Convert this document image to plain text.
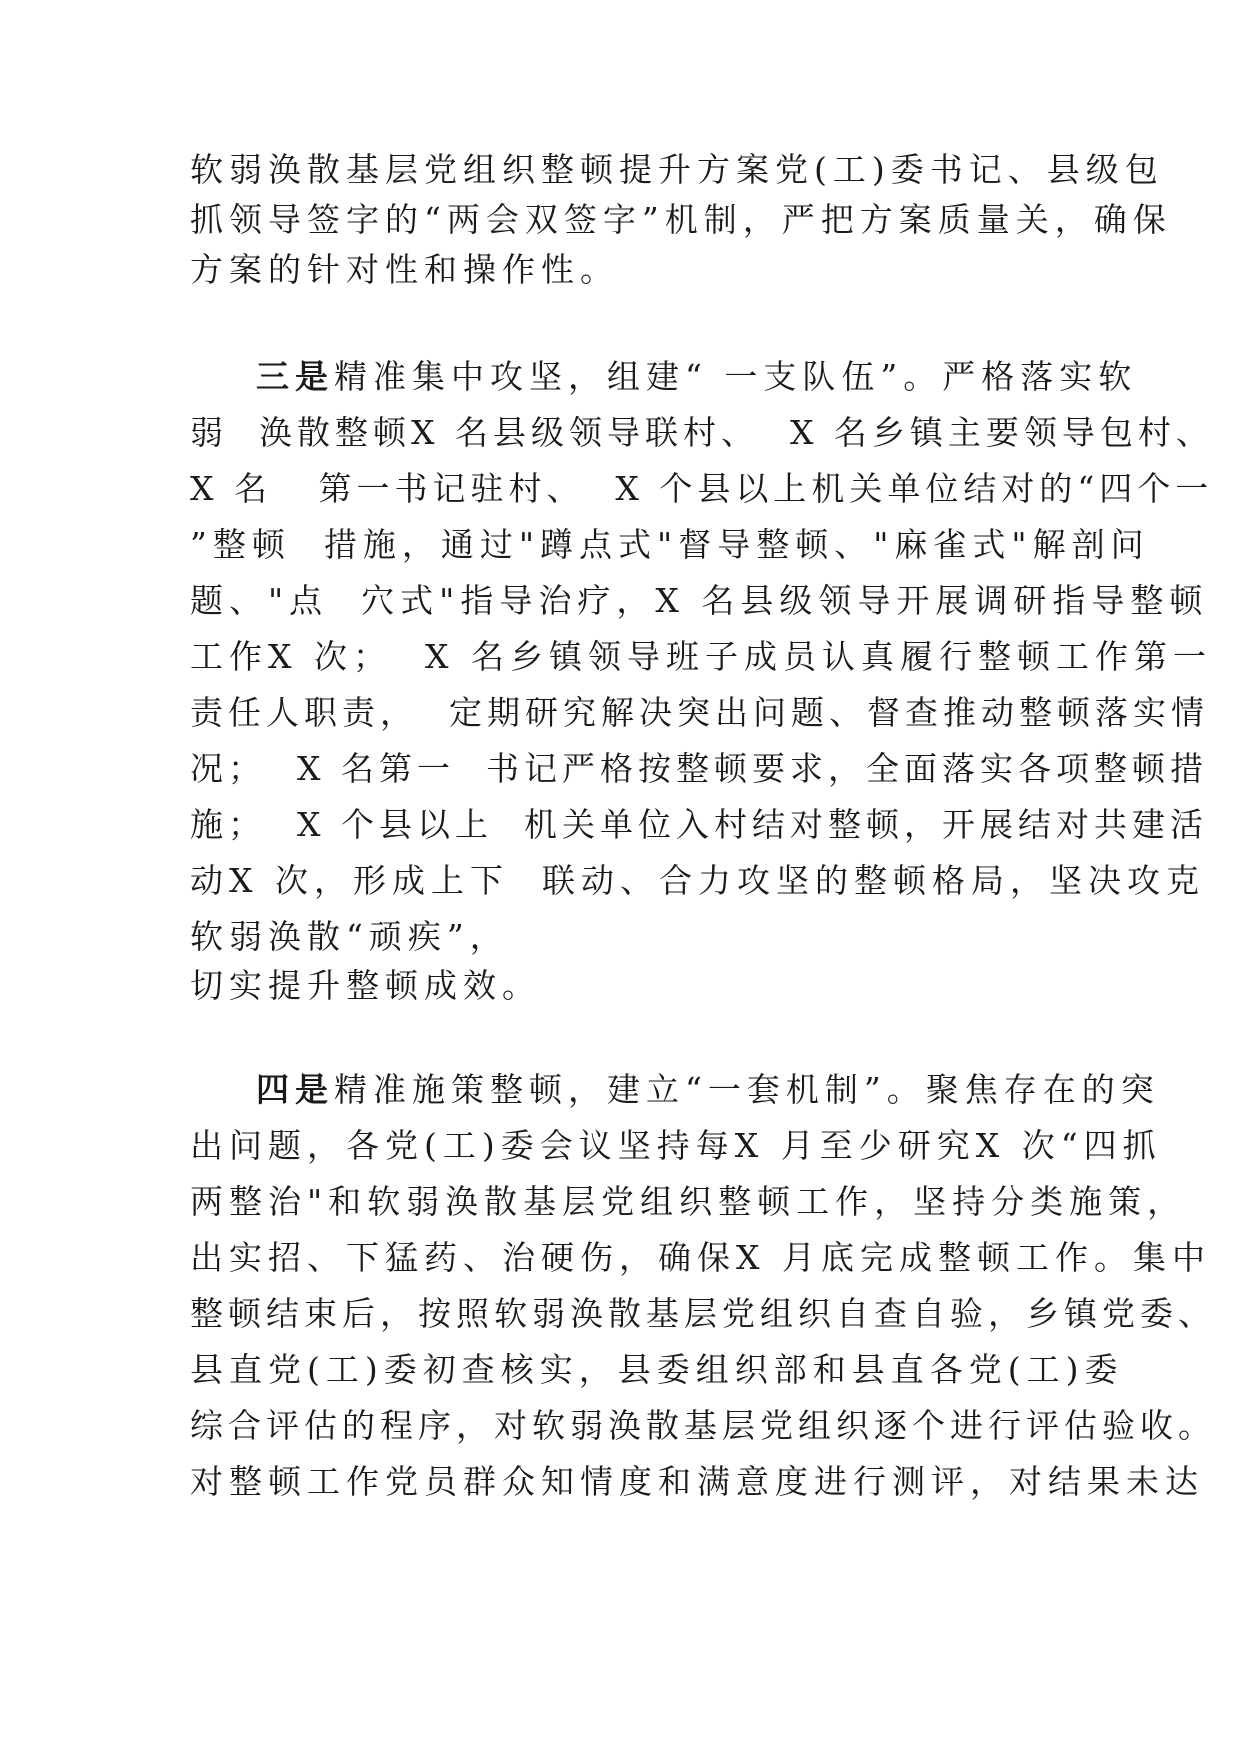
软弱涣散基层党组织整顿提升方案党(工)委书记、县级包
抓领导签字的“两会双签字”机制，严把方案质量关，确保
方案的针对性和操作性。
三是精准集中攻坚，组建“ 一支队伍”。严格落实软
弱  涣散整顿X 名县级领导联村、  X 名乡镇主要领导包村、
X 名   第一书记驻村、  X 个县以上机关单位结对的“四个一
”整顿  措施，通过"蹲点式"督导整顿、"麻雀式"解剖问
题、"点  穴式"指导治疗，X 名县级领导开展调研指导整顿
工作X 次；  X 名乡镇领导班子成员认真履行整顿工作第一
责任人职责，  定期研究解决突出问题、督查推动整顿落实情
况；  X 名第一  书记严格按整顿要求，全面落实各项整顿措
施；  X 个县以上  机关单位入村结对整顿，开展结对共建活
动X 次，形成上下  联动、合力攻坚的整顿格局，坚决攻克
软弱涣散“顽疾”，
切实提升整顿成效。
四是精准施策整顿，建立“一套机制”。聚焦存在的突
出问题，各党(工)委会议坚持每X 月至少研究X 次“四抓
两整治"和软弱涣散基层党组织整顿工作，坚持分类施策，
出实招、下猛药、治硬伤，确保X 月底完成整顿工作。集中
整顿结束后，按照软弱涣散基层党组织自查自验，乡镇党委、
县直党(工)委初查核实，县委组织部和县直各党(工)委
综合评估的程序，对软弱涣散基层党组织逐个进行评估验收。
对整顿工作党员群众知情度和满意度进行测评，对结果未达
